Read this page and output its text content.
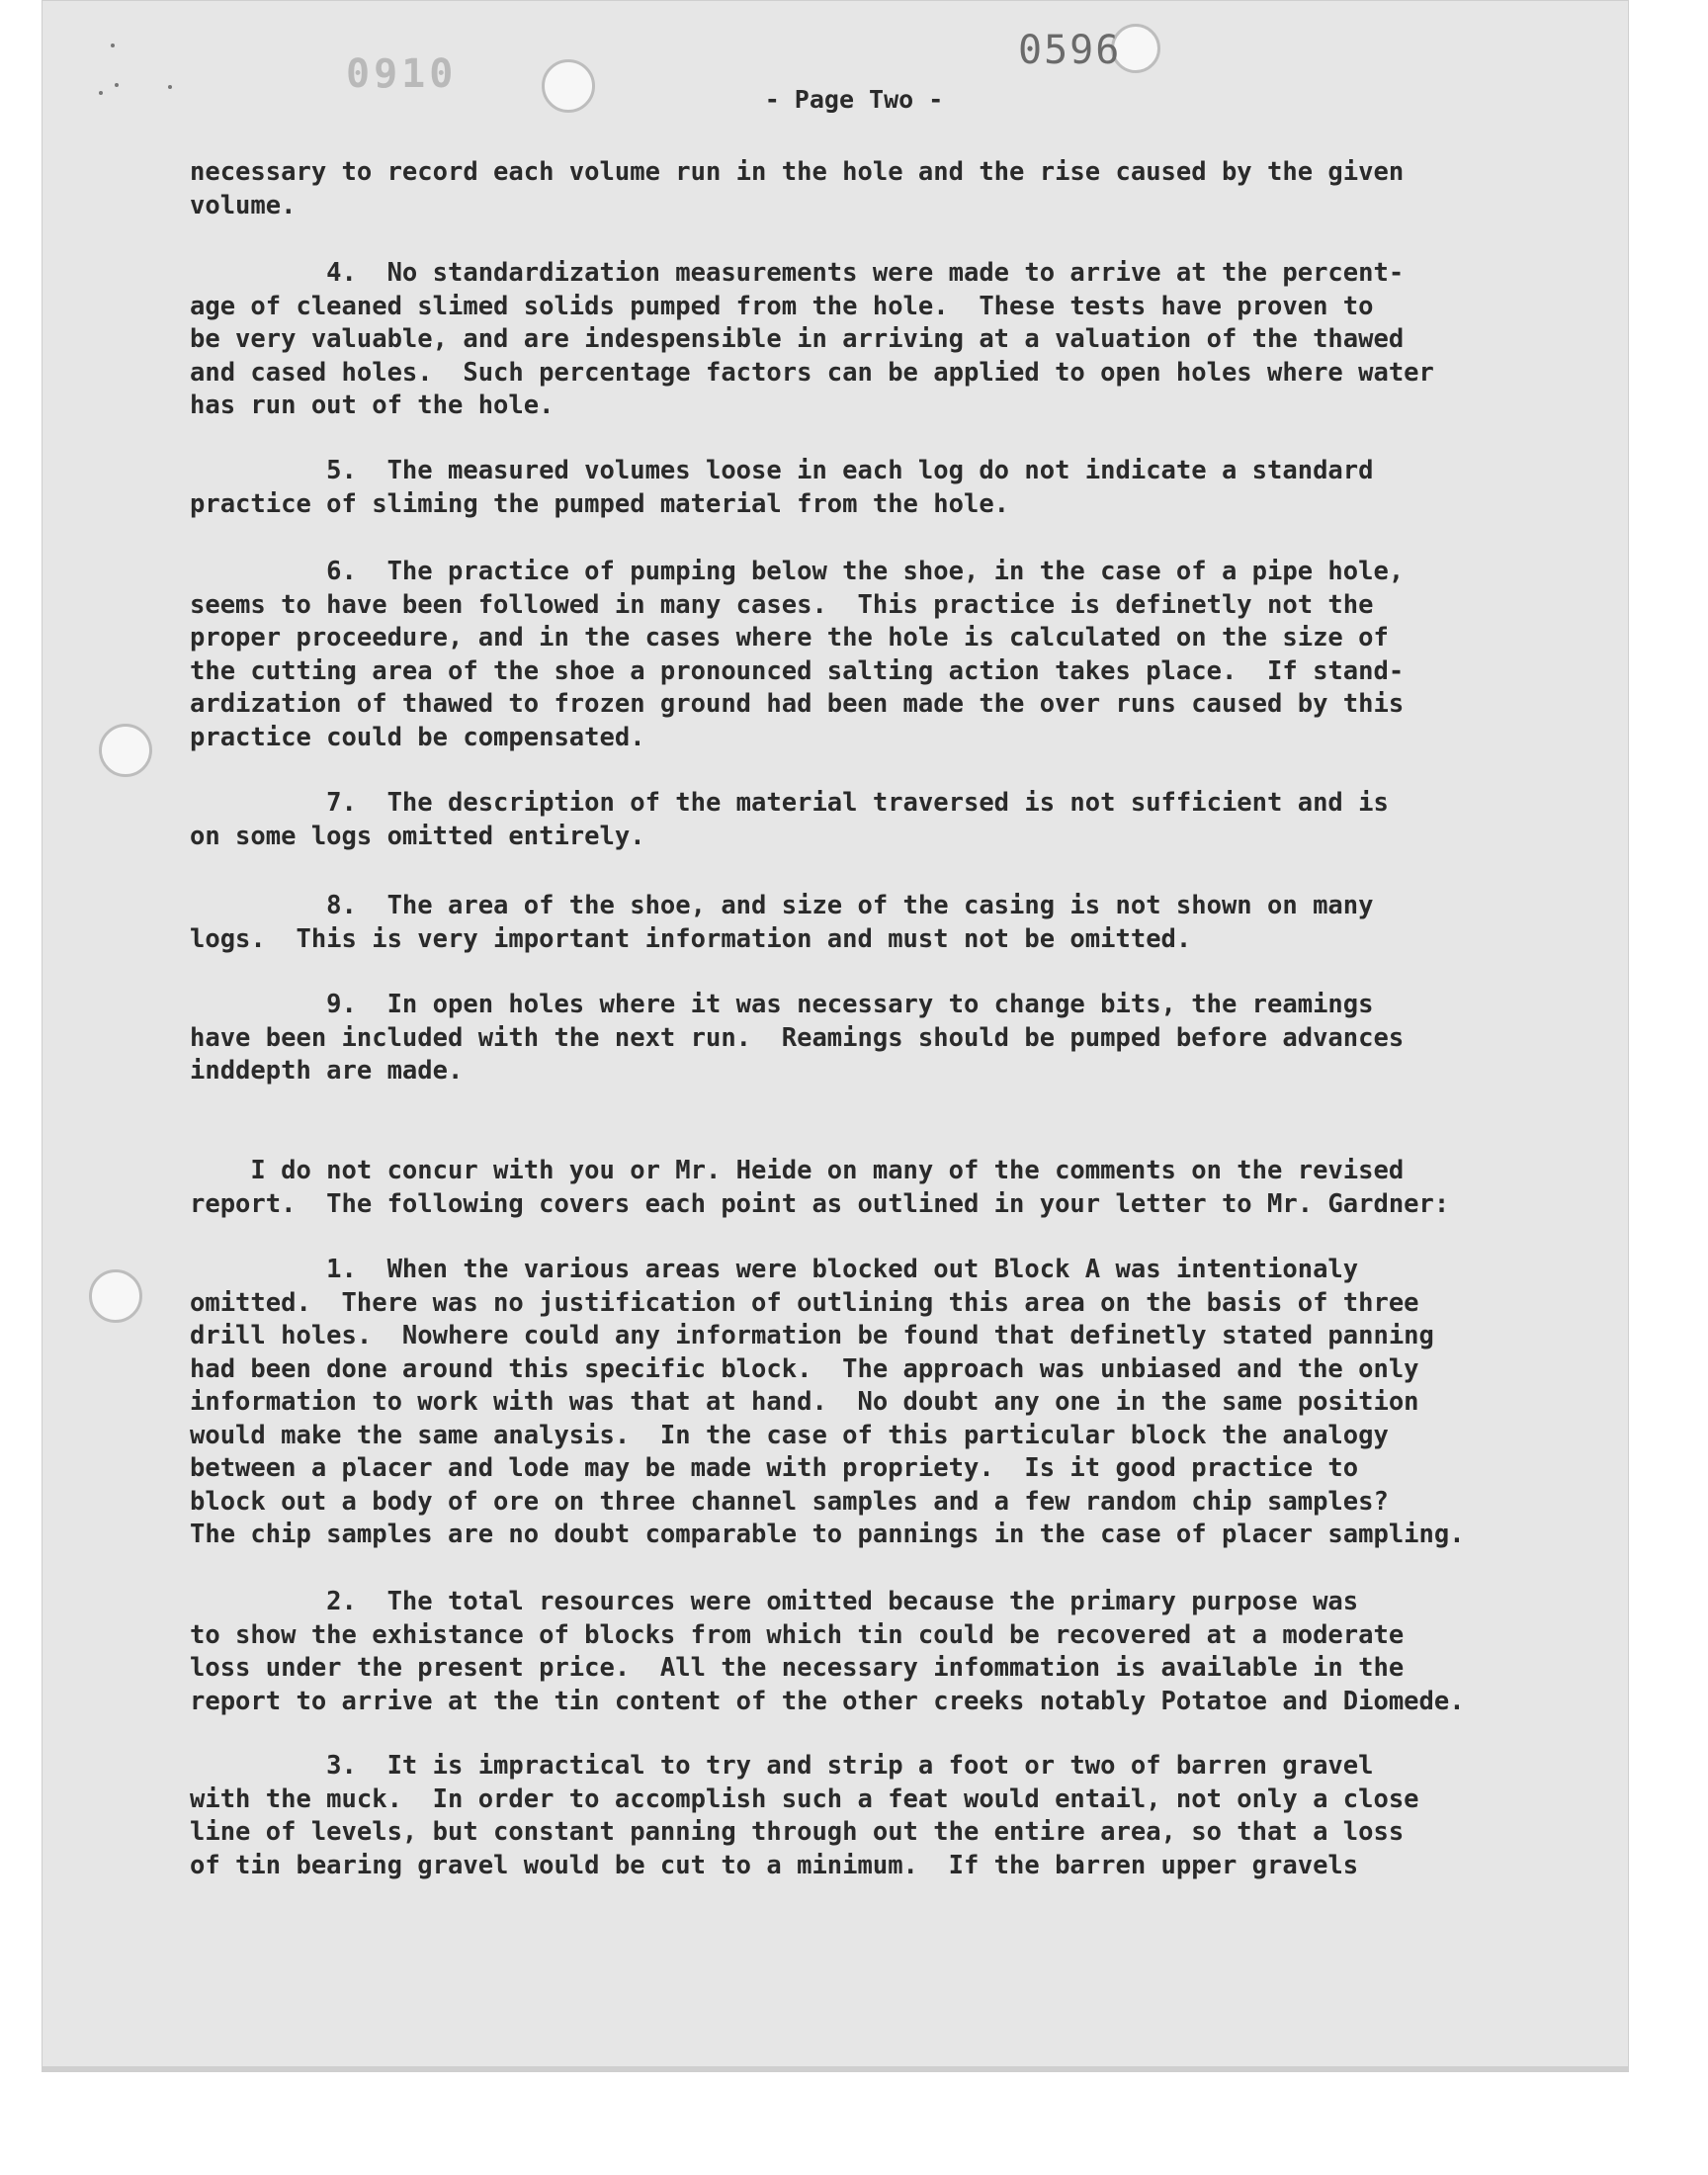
0910
0596
- Page Two -
necessary to record each volume run in the hole and the rise caused by the given
volume.
4.  No standardization measurements were made to arrive at the percent-
age of cleaned slimed solids pumped from the hole.  These tests have proven to
be very valuable, and are indespensible in arriving at a valuation of the thawed
and cased holes.  Such percentage factors can be applied to open holes where water
has run out of the hole.
5.  The measured volumes loose in each log do not indicate a standard
practice of sliming the pumped material from the hole.
6.  The practice of pumping below the shoe, in the case of a pipe hole,
seems to have been followed in many cases.  This practice is definetly not the
proper proceedure, and in the cases where the hole is calculated on the size of
the cutting area of the shoe a pronounced salting action takes place.  If stand-
ardization of thawed to frozen ground had been made the over runs caused by this
practice could be compensated.
7.  The description of the material traversed is not sufficient and is
on some logs omitted entirely.
8.  The area of the shoe, and size of the casing is not shown on many
logs.  This is very important information and must not be omitted.
9.  In open holes where it was necessary to change bits, the reamings
have been included with the next run.  Reamings should be pumped before advances
inddepth are made.
I do not concur with you or Mr. Heide on many of the comments on the revised
report.  The following covers each point as outlined in your letter to Mr. Gardner:
1.  When the various areas were blocked out Block A was intentionaly
omitted.  There was no justification of outlining this area on the basis of three
drill holes.  Nowhere could any information be found that definetly stated panning
had been done around this specific block.  The approach was unbiased and the only
information to work with was that at hand.  No doubt any one in the same position
would make the same analysis.  In the case of this particular block the analogy
between a placer and lode may be made with propriety.  Is it good practice to
block out a body of ore on three channel samples and a few random chip samples?
The chip samples are no doubt comparable to pannings in the case of placer sampling.
2.  The total resources were omitted because the primary purpose was
to show the exhistance of blocks from which tin could be recovered at a moderate
loss under the present price.  All the necessary infommation is available in the
report to arrive at the tin content of the other creeks notably Potatoe and Diomede.
3.  It is impractical to try and strip a foot or two of barren gravel
with the muck.  In order to accomplish such a feat would entail, not only a close
line of levels, but constant panning through out the entire area, so that a loss
of tin bearing gravel would be cut to a minimum.  If the barren upper gravels
